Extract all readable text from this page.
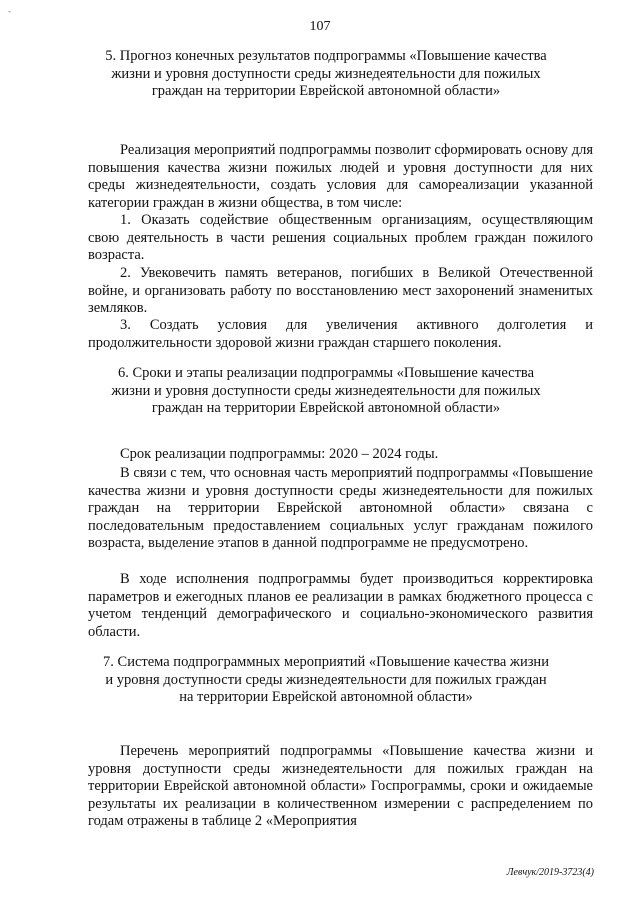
-
107
5. Прогноз конечных результатов подпрограммы «Повышение качества жизни и уровня доступности среды жизнедеятельности для пожилых граждан на территории Еврейской автономной области»

Реализация мероприятий подпрограммы позволит сформировать основу для повышения качества жизни пожилых людей и уровня доступности для них среды жизнедеятельности, создать условия для самореализации указанной категории граждан в жизни общества, в том числе:

1. Оказать содействие общественным организациям, осуществляющим свою деятельность в части решения социальных проблем граждан пожилого возраста.

2. Увековечить память ветеранов, погибших в Великой Отечественной войне, и организовать работу по восстановлению мест захоронений знаменитых земляков.

3. Создать условия для увеличения активного долголетия и продолжительности здоровой жизни граждан старшего поколения.

6. Сроки и этапы реализации подпрограммы «Повышение качества жизни и уровня доступности среды жизнедеятельности для пожилых граждан на территории Еврейской автономной области»

Срок реализации подпрограммы: 2020 – 2024 годы.

В связи с тем, что основная часть мероприятий подпрограммы «Повышение качества жизни и уровня доступности среды жизнедеятельности для пожилых граждан на территории Еврейской автономной области» связана с последовательным предоставлением социальных услуг гражданам пожилого возраста, выделение этапов в данной подпрограмме не предусмотрено.

В ходе исполнения подпрограммы будет производиться корректировка параметров и ежегодных планов ее реализации в рамках бюджетного процесса с учетом тенденций демографического и социально-экономического развития области.

7. Система подпрограммных мероприятий «Повышение качества жизни и уровня доступности среды жизнедеятельности для пожилых граждан на территории Еврейской автономной области»

Перечень мероприятий подпрограммы «Повышение качества жизни и уровня доступности среды жизнедеятельности для пожилых граждан на территории Еврейской автономной области» Госпрограммы, сроки и ожидаемые результаты их реализации в количественном измерении с распределением по годам отражены в таблице 2 «Мероприятия

Левчук/2019-3723(4)
